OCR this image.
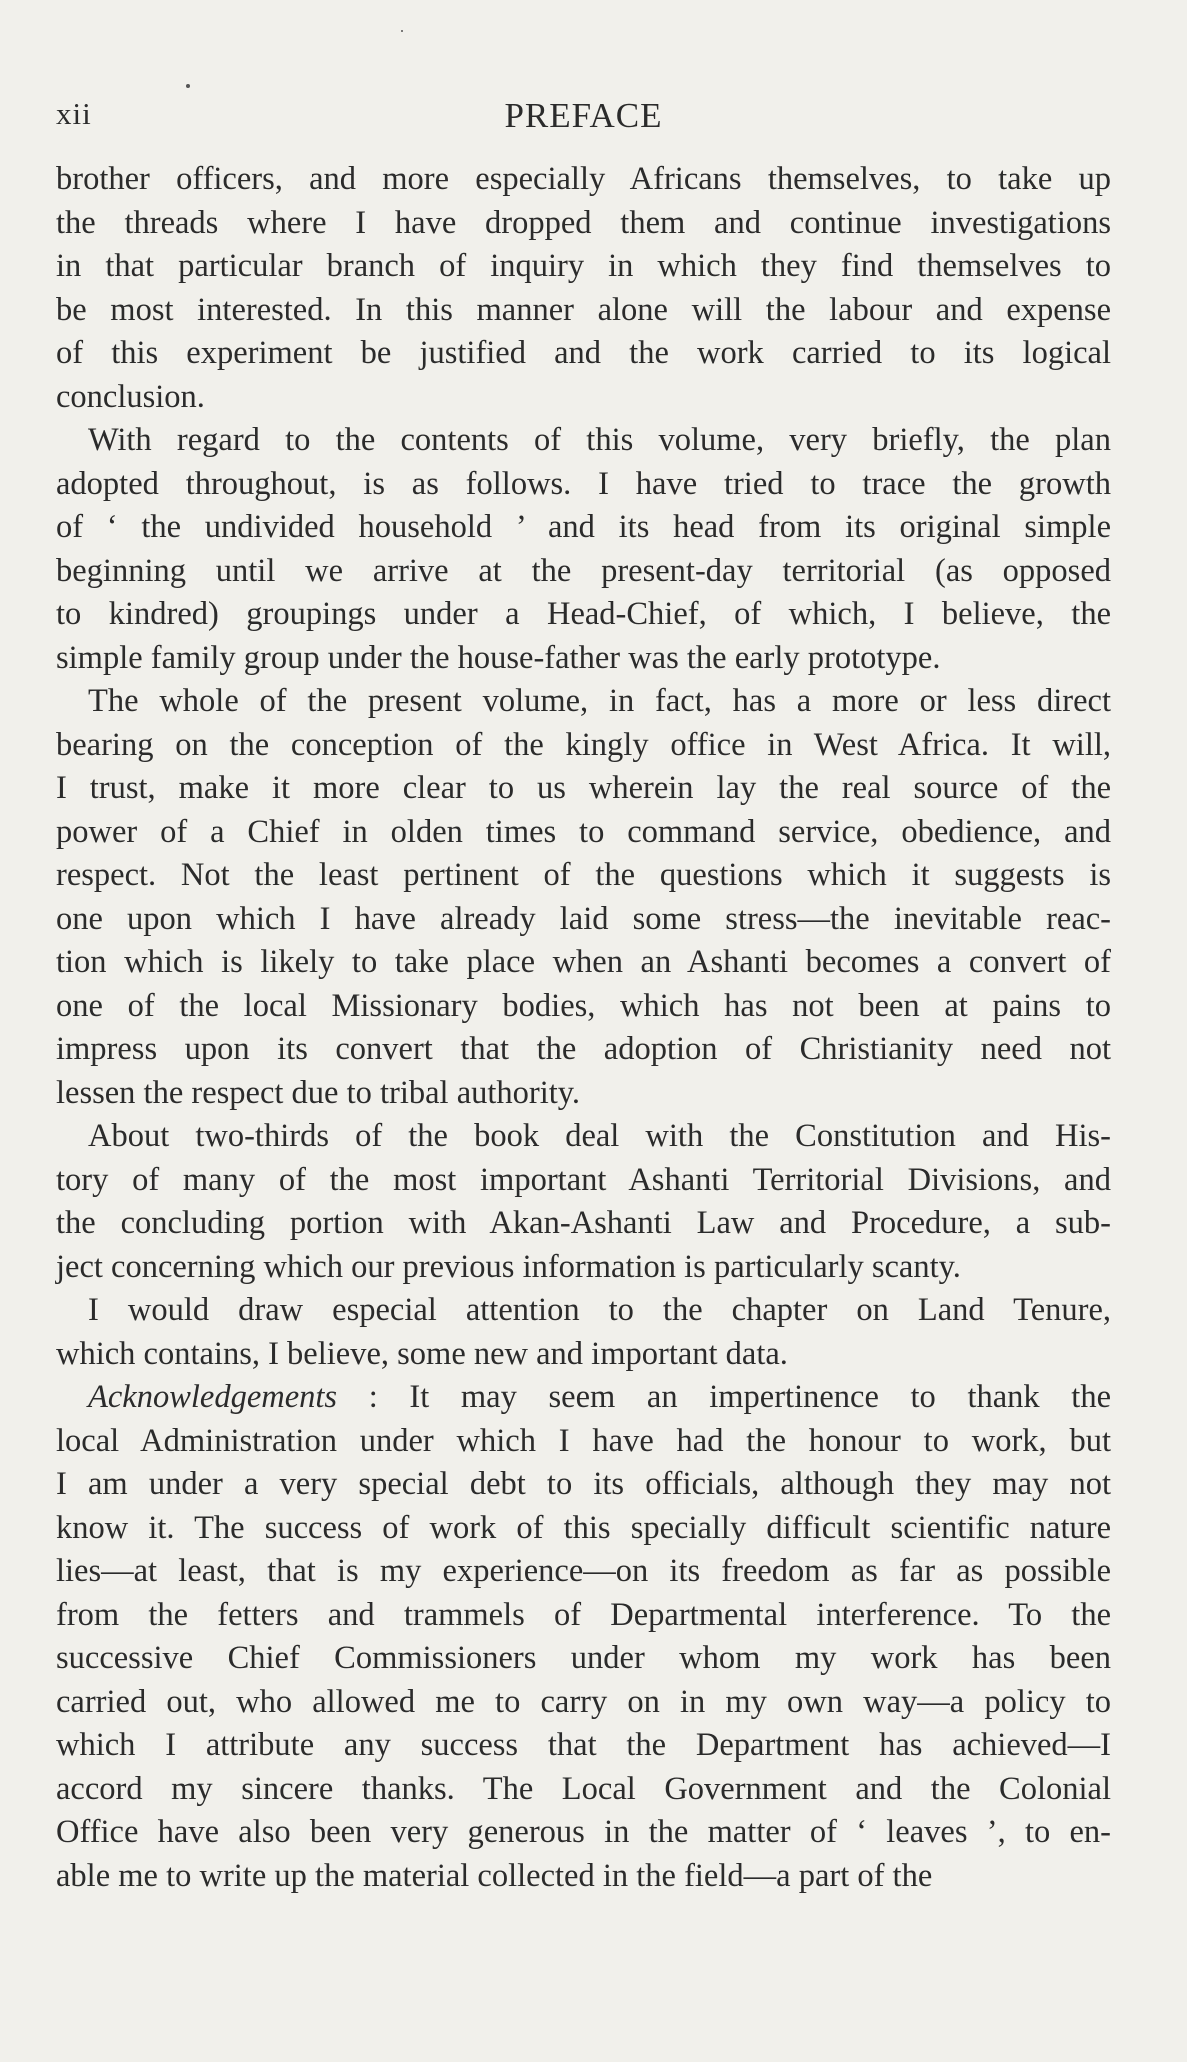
xii	PREFACE

brother officers, and more especially Africans themselves, to take up
the threads where I have dropped them and continue investigations
in that particular branch of inquiry in which they find themselves to
be most interested. In this manner alone will the labour and expense
of this experiment be justified and the work carried to its logical
conclusion.

With regard to the contents of this volume, very briefly, the plan
adopted throughout, is as follows. I have tried to trace the growth
of ‘ the undivided household ’ and its head from its original simple
beginning until we arrive at the present-day territorial (as opposed
to kindred) groupings under a Head-Chief, of which, I believe, the
simple family group under the house-father was the early prototype.

The whole of the present volume, in fact, has a more or less direct
bearing on the conception of the kingly office in West Africa. It will,
I trust, make it more clear to us wherein lay the real source of the
power of a Chief in olden times to command service, obedience, and
respect. Not the least pertinent of the questions which it suggests is
one upon which I have already laid some stress—the inevitable reac-
tion which is likely to take place when an Ashanti becomes a convert of
one of the local Missionary bodies, which has not been at pains to
impress upon its convert that the adoption of Christianity need not
lessen the respect due to tribal authority.

About two-thirds of the book deal with the Constitution and His-
tory of many of the most important Ashanti Territorial Divisions, and
the concluding portion with Akan-Ashanti Law and Procedure, a sub-
ject concerning which our previous information is particularly scanty.

I would draw especial attention to the chapter on Land Tenure,
which contains, I believe, some new and important data.

Acknowledgements : It may seem an impertinence to thank the
local Administration under which I have had the honour to work, but
I am under a very special debt to its officials, although they may not
know it. The success of work of this specially difficult scientific nature
lies—at least, that is my experience—on its freedom as far as possible
from the fetters and trammels of Departmental interference. To the
successive Chief Commissioners under whom my work has been
carried out, who allowed me to carry on in my own way—a policy to
which I attribute any success that the Department has achieved—I
accord my sincere thanks. The Local Government and the Colonial
Office have also been very generous in the matter of ‘ leaves ’, to en-
able me to write up the material collected in the field—a part of the
